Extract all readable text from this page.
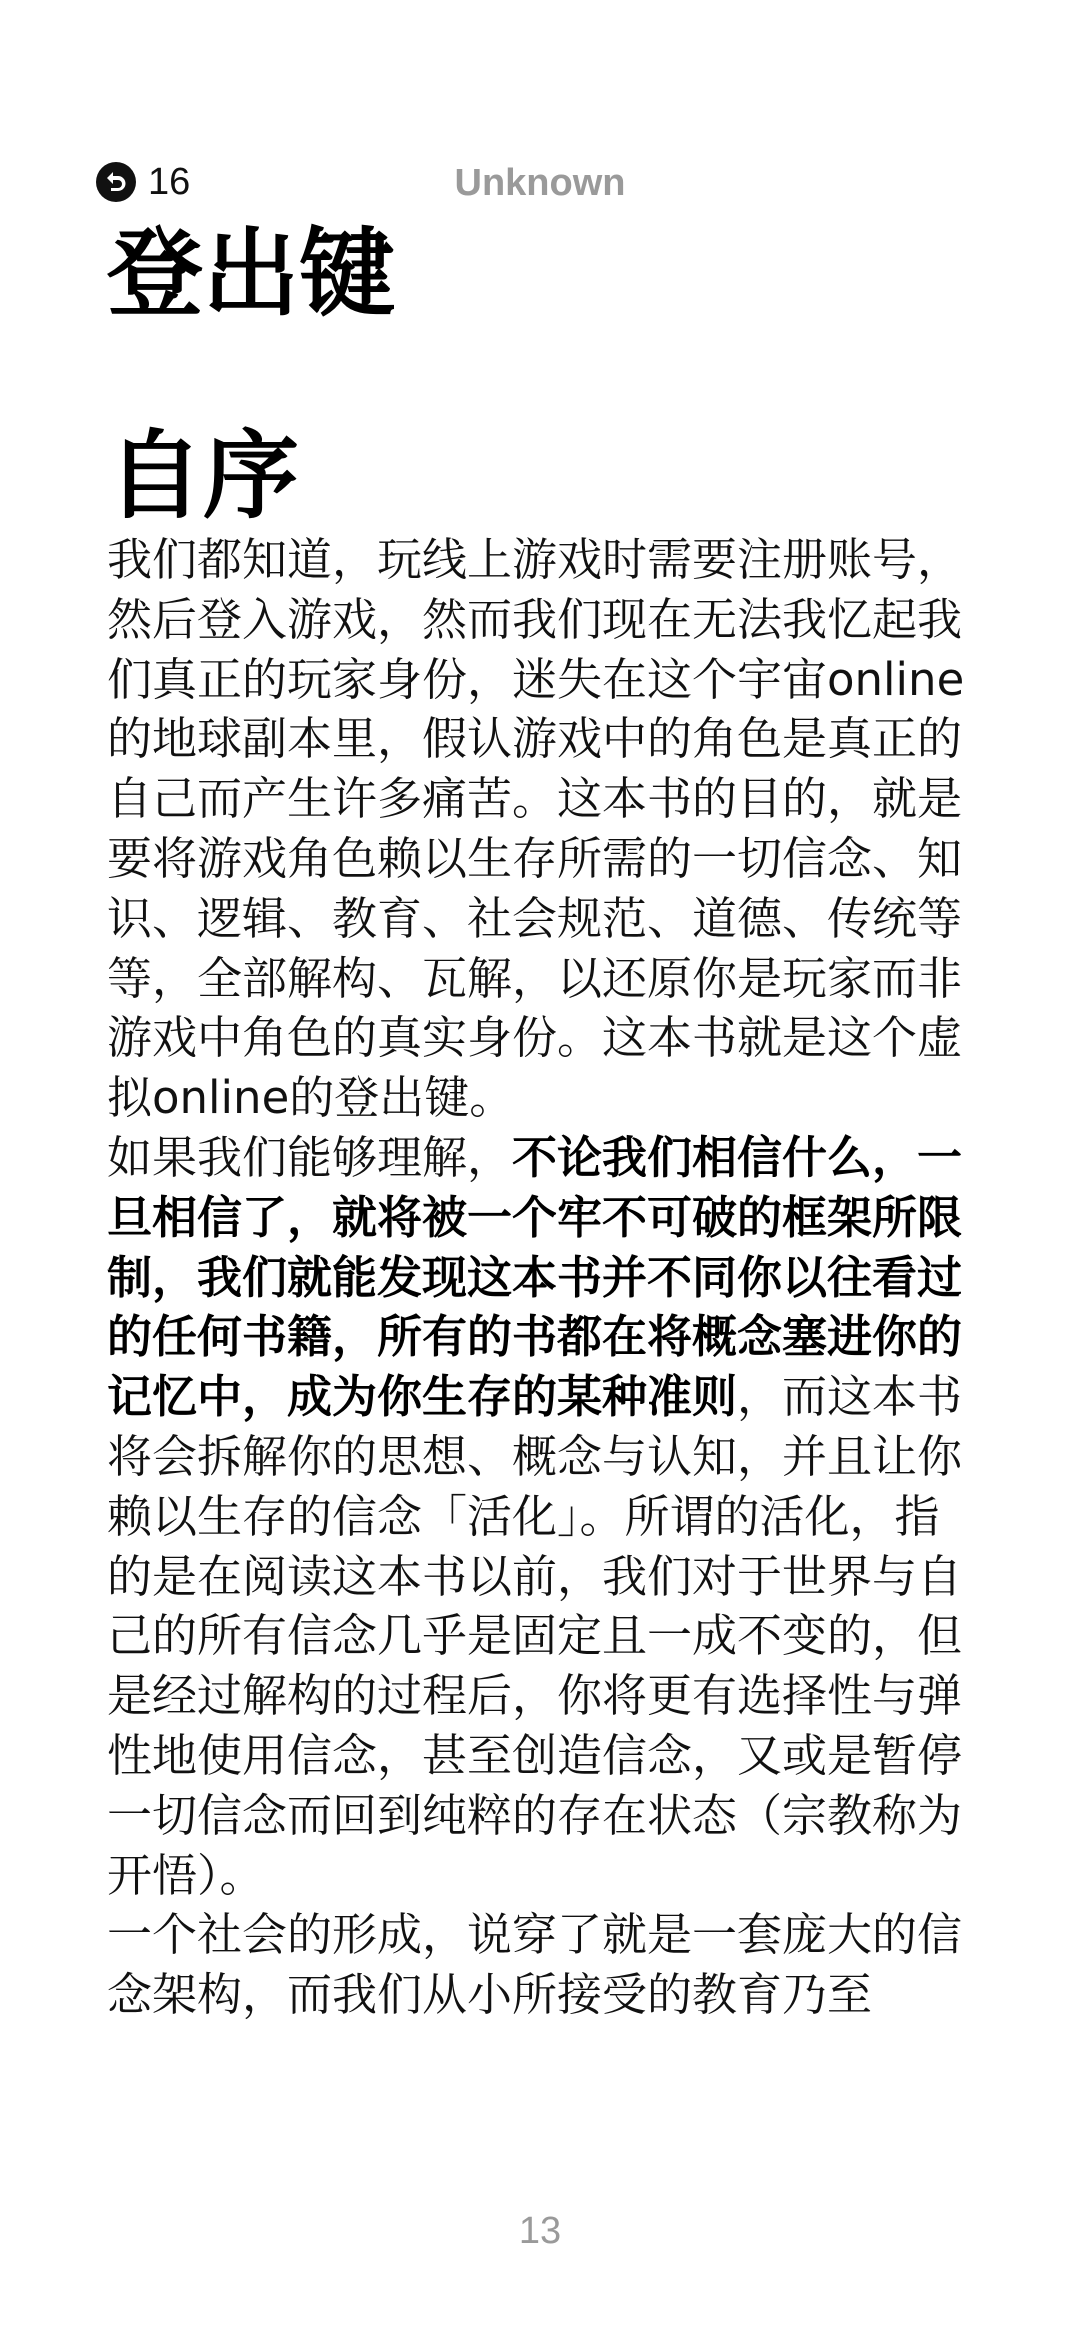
16	Unknown
登出键
自序

我们都知道，玩线上游戏时需要注册账号，然后登入游戏，然而我们现在无法我忆起我们真正的玩家身份，迷失在这个宇宙online的地球副本里，假认游戏中的角色是真正的自己而产生许多痛苦。这本书的目的，就是要将游戏角色赖以生存所需的一切信念、知识、逻辑、教育、社会规范、道德、传统等等，全部解构、瓦解，以还原你是玩家而非游戏中角色的真实身份。这本书就是这个虚拟online的登出键。

如果我们能够理解，不论我们相信什么，一旦相信了，就将被一个牢不可破的框架所限制，我们就能发现这本书并不同你以往看过的任何书籍，所有的书都在将概念塞进你的记忆中，成为你生存的某种准则，而这本书将会拆解你的思想、概念与认知，并且让你赖以生存的信念「活化」。所谓的活化，指的是在阅读这本书以前，我们对于世界与自己的所有信念几乎是固定且一成不变的，但是经过解构的过程后，你将更有选择性与弹性地使用信念，甚至创造信念，又或是暂停一切信念而回到纯粹的存在状态（宗教称为开悟）。

一个社会的形成，说穿了就是一套庞大的信念架构，而我们从小所接受的教育乃至

13
